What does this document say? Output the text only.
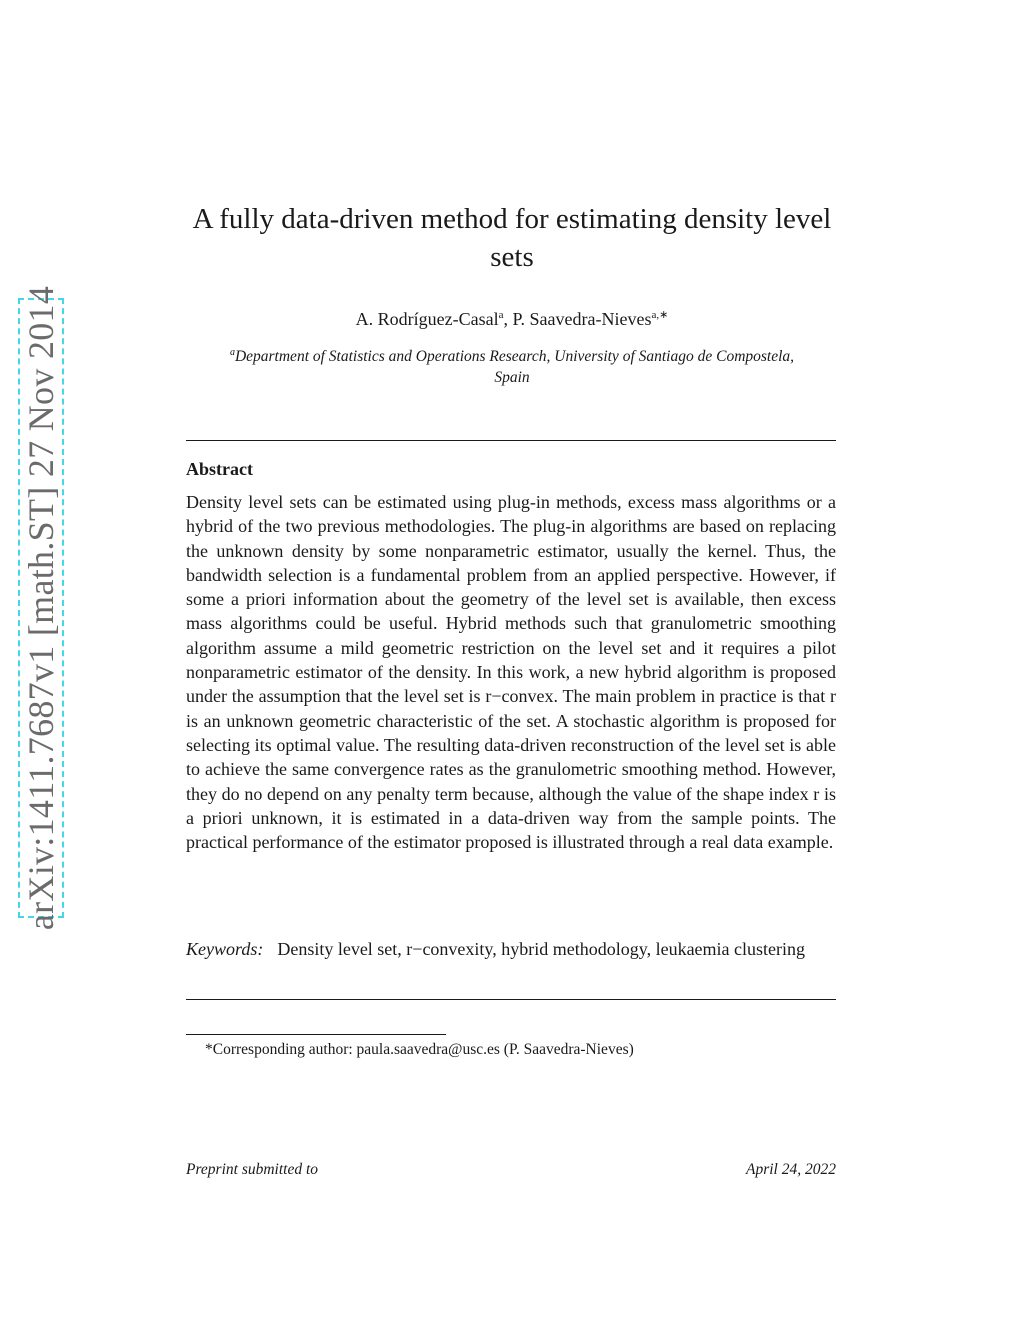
arXiv:1411.7687v1 [math.ST] 27 Nov 2014
A fully data-driven method for estimating density level sets
A. Rodríguez-Casal$^a$, P. Saavedra-Nieves$^{a,∗}$
$^a$Department of Statistics and Operations Research, University of Santiago de Compostela, Spain
Abstract
Density level sets can be estimated using plug-in methods, excess mass algorithms or a hybrid of the two previous methodologies. The plug-in algorithms are based on replacing the unknown density by some nonparametric estimator, usually the kernel. Thus, the bandwidth selection is a fundamental problem from an applied perspective. However, if some a priori information about the geometry of the level set is available, then excess mass algorithms could be useful. Hybrid methods such that granulometric smoothing algorithm assume a mild geometric restriction on the level set and it requires a pilot nonparametric estimator of the density. In this work, a new hybrid algorithm is proposed under the assumption that the level set is r−convex. The main problem in practice is that r is an unknown geometric characteristic of the set. A stochastic algorithm is proposed for selecting its optimal value. The resulting data-driven reconstruction of the level set is able to achieve the same convergence rates as the granulometric smoothing method. However, they do no depend on any penalty term because, although the value of the shape index r is a priori unknown, it is estimated in a data-driven way from the sample points. The practical performance of the estimator proposed is illustrated through a real data example.
Keywords: Density level set, r−convexity, hybrid methodology, leukaemia clustering
*Corresponding author: paula.saavedra@usc.es (P. Saavedra-Nieves)
Preprint submitted to	April 24, 2022
